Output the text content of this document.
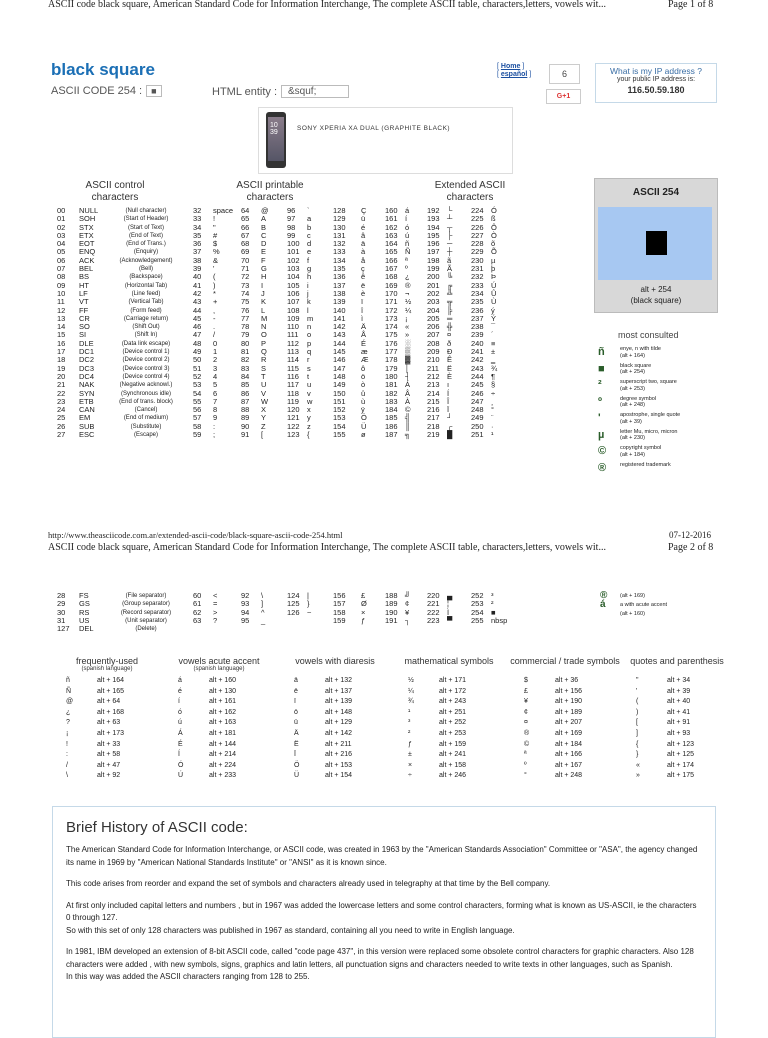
ASCII code black square, American Standard Code for Information Interchange, The complete ASCII table, characters,letters, vowels wit...	Page 1 of 8
black square
ASCII CODE 254 :	■	HTML entity :	&squf;
[ Home ]
[ español ]	6
G+1
What is my IP address ?
your public IP address is:
116.50.59.180
10
39
SONY XPERIA XA DUAL (GRAPHITE BLACK)
ASCII control characters
ASCII printable characters
Extended ASCII characters
00	NULL	(Null character)	32	space	64	@	96	`	128	Ç	160	á	192	└	224	Ó
01	SOH	(Start of Header)	33	!	65	A	97	a	129	ü	161	í	193	┴	225	ß
02	STX	(Start of Text)	34	"	66	B	98	b	130	é	162	ó	194	┬	226	Ô
03	ETX	(End of Text)	35	#	67	C	99	c	131	â	163	ú	195	├	227	Ò
04	EOT	(End of Trans.)	36	$	68	D	100	d	132	ä	164	ñ	196	─	228	õ
05	ENQ	(Enquiry)	37	%	69	E	101	e	133	à	165	Ñ	197	┼	229	Õ
06	ACK	(Acknowledgement)	38	&	70	F	102	f	134	å	166	ª	198	ã	230	µ
07	BEL	(Bell)	39	'	71	G	103	g	135	ç	167	º	199	Ã	231	þ
08	BS	(Backspace)	40	(	72	H	104	h	136	ê	168	¿	200	╚	232	Þ
09	HT	(Horizontal Tab)	41	)	73	I	105	i	137	ë	169	®	201	╔	233	Ú
10	LF	(Line feed)	42	*	74	J	106	j	138	è	170	¬	202	╩	234	Û
11	VT	(Vertical Tab)	43	+	75	K	107	k	139	ï	171	½	203	╦	235	Ù
12	FF	(Form feed)	44	,	76	L	108	l	140	î	172	¼	204	╠	236	ý
13	CR	(Carriage return)	45	-	77	M	109	m	141	ì	173	¡	205	═	237	Ý
14	SO	(Shift Out)	46	.	78	N	110	n	142	Ä	174	«	206	╬	238	¯
15	SI	(Shift In)	47	/	79	O	111	o	143	Å	175	»	207	¤	239	´
16	DLE	(Data link escape)	48	0	80	P	112	p	144	É	176	░	208	ð	240	≡
17	DC1	(Device control 1)	49	1	81	Q	113	q	145	æ	177	▒	209	Ð	241	±
18	DC2	(Device control 2)	50	2	82	R	114	r	146	Æ	178	▓	210	Ê	242	‗
19	DC3	(Device control 3)	51	3	83	S	115	s	147	ô	179	│	211	Ë	243	¾
20	DC4	(Device control 4)	52	4	84	T	116	t	148	ö	180	┤	212	È	244	¶
21	NAK	(Negative acknowl.)	53	5	85	U	117	u	149	ò	181	Á	213	ı	245	§
22	SYN	(Synchronous idle)	54	6	86	V	118	v	150	û	182	Â	214	Í	246	÷
23	ETB	(End of trans. block)	55	7	87	W	119	w	151	ù	183	À	215	Î	247	¸
24	CAN	(Cancel)	56	8	88	X	120	x	152	ÿ	184	©	216	Ï	248	°
25	EM	(End of medium)	57	9	89	Y	121	y	153	Ö	185	╣	217	┘	249	¨
26	SUB	(Substitute)	58	:	90	Z	122	z	154	Ü	186	║	218	┌	250	·
27	ESC	(Escape)	59	;	91	[	123	{	155	ø	187	╗	219	█	251	¹
ASCII 254
alt + 254
(black square)
most consulted
ñ	enye, n with tilde
(alt + 164)
■	black square
(alt + 254)
²	superscript two, square
(alt + 253)
º	degree symbol
(alt + 248)
'	apostrophe, single quote
(alt + 39)
µ	letter Mu, micro, micron
(alt + 230)
©	copyright symbol
(alt + 184)
®	registered trademark
http://www.theasciicode.com.ar/extended-ascii-code/black-square-ascii-code-254.html	07-12-2016
ASCII code black square, American Standard Code for Information Interchange, The complete ASCII table, characters,letters, vowels wit...	Page 2 of 8
28	FS	(File separator)	60	<	92	\	124	|	156	£	188	╝	220	▄	252	³
29	GS	(Group separator)	61	=	93	]	125	}	157	Ø	189	¢	221	¦	253	²
30	RS	(Record separator)	62	>	94	^	126	~	158	×	190	¥	222	Ì	254	■
31	US	(Unit separator)	63	?	95	_			159	ƒ	191	┐	223	▀	255	nbsp
127	DEL	(Delete)														
®	(alt + 169)
á	a with acute accent
(alt + 160)
frequently-used
(spanish language)
ñ	alt + 164
Ñ	alt + 165
@	alt + 64
¿	alt + 168
?	alt + 63
¡	alt + 173
!	alt + 33
:	alt + 58
/	alt + 47
\	alt + 92
vowels acute accent
(spanish language)
á	alt + 160
é	alt + 130
í	alt + 161
ó	alt + 162
ú	alt + 163
Á	alt + 181
É	alt + 144
Í	alt + 214
Ó	alt + 224
Ú	alt + 233
vowels with diaresis
ä	alt + 132
ë	alt + 137
ï	alt + 139
ö	alt + 148
ü	alt + 129
Ä	alt + 142
Ë	alt + 211
Ï	alt + 216
Ö	alt + 153
Ü	alt + 154
mathematical symbols
½	alt + 171
¼	alt + 172
¾	alt + 243
¹	alt + 251
³	alt + 252
²	alt + 253
ƒ	alt + 159
±	alt + 241
×	alt + 158
÷	alt + 246
commercial / trade symbols
$	alt + 36
£	alt + 156
¥	alt + 190
¢	alt + 189
¤	alt + 207
®	alt + 169
©	alt + 184
ª	alt + 166
º	alt + 167
°	alt + 248
quotes and parenthesis
"	alt + 34
'	alt + 39
(	alt + 40
)	alt + 41
[	alt + 91
]	alt + 93
{	alt + 123
}	alt + 125
«	alt + 174
»	alt + 175
Brief History of ASCII code:

The American Standard Code for Information Interchange, or ASCII code, was created in 1963 by the "American Standards Association" Committee or "ASA", the agency changed its name in 1969 by "American National Standards Institute" or "ANSI" as it is known since.

This code arises from reorder and expand the set of symbols and characters already used in telegraphy at that time by the Bell company.

At first only included capital letters and numbers , but in 1967 was added the lowercase letters and some control characters, forming what is known as US-ASCII, ie the characters 0 through 127.

So with this set of only 128 characters was published in 1967 as standard, containing all you need to write in English language.

In 1981, IBM developed an extension of 8-bit ASCII code, called "code page 437", in this version were replaced some obsolete control characters for graphic characters. Also 128 characters were added , with new symbols, signs, graphics and latin letters, all punctuation signs and characters needed to write texts in other languages, such as Spanish.

In this way was added the ASCII characters ranging from 128 to 255.
